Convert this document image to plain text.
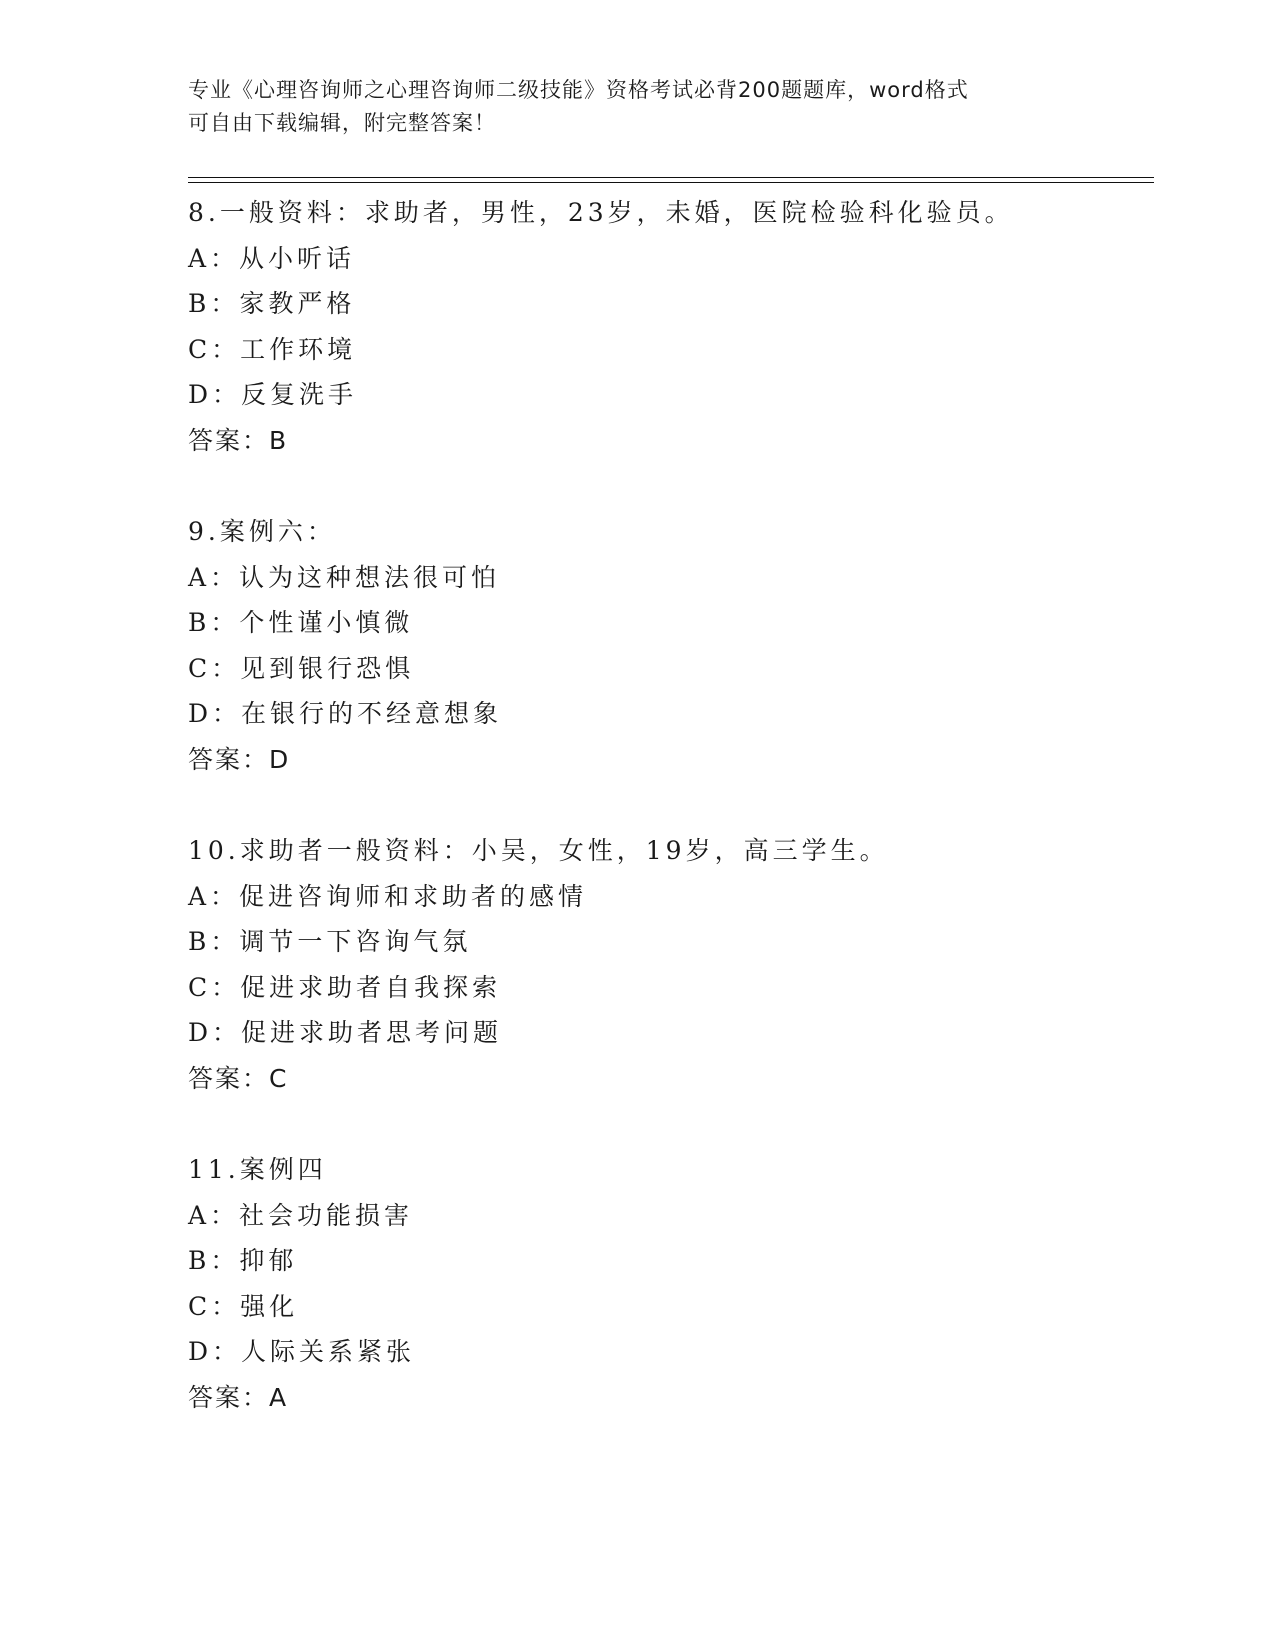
专业《心理咨询师之心理咨询师二级技能》资格考试必背200题题库，word格式
可自由下载编辑，附完整答案！
8.一般资料：求助者，男性，23岁，未婚，医院检验科化验员。
A：从小听话
B：家教严格
C：工作环境
D：反复洗手
答案：B
9.案例六：
A：认为这种想法很可怕
B：个性谨小慎微
C：见到银行恐惧
D：在银行的不经意想象
答案：D
10.求助者一般资料：小吴，女性，19岁，高三学生。
A：促进咨询师和求助者的感情
B：调节一下咨询气氛
C：促进求助者自我探索
D：促进求助者思考问题
答案：C
11.案例四
A：社会功能损害
B：抑郁
C：强化
D：人际关系紧张
答案：A
